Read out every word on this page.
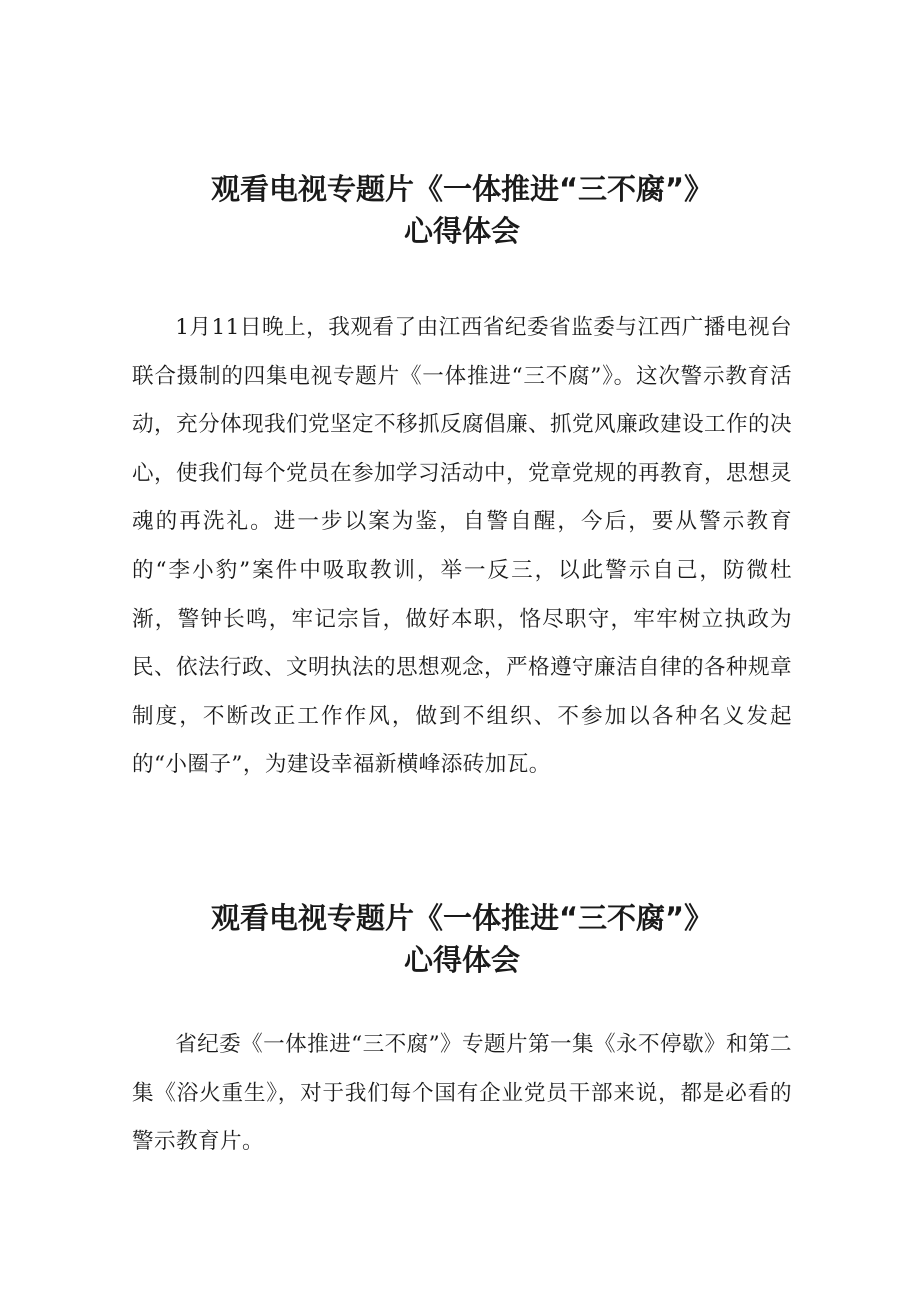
观看电视专题片《一体推进“三不腐”》
心得体会

1月11日晚上，我观看了由江西省纪委省监委与江西广播电视台联合摄制的四集电视专题片《一体推进“三不腐”》。这次警示教育活动，充分体现我们党坚定不移抓反腐倡廉、抓党风廉政建设工作的决心，使我们每个党员在参加学习活动中，党章党规的再教育，思想灵魂的再洗礼。进一步以案为鉴，自警自醒，今后，要从警示教育的“李小豹”案件中吸取教训，举一反三，以此警示自己，防微杜渐，警钟长鸣，牢记宗旨，做好本职，恪尽职守，牢牢树立执政为民、依法行政、文明执法的思想观念，严格遵守廉洁自律的各种规章制度，不断改正工作作风，做到不组织、不参加以各种名义发起的“小圈子”，为建设幸福新横峰添砖加瓦。

观看电视专题片《一体推进“三不腐”》
心得体会

省纪委《一体推进“三不腐”》专题片第一集《永不停歇》和第二集《浴火重生》，对于我们每个国有企业党员干部来说，都是必看的警示教育片。
